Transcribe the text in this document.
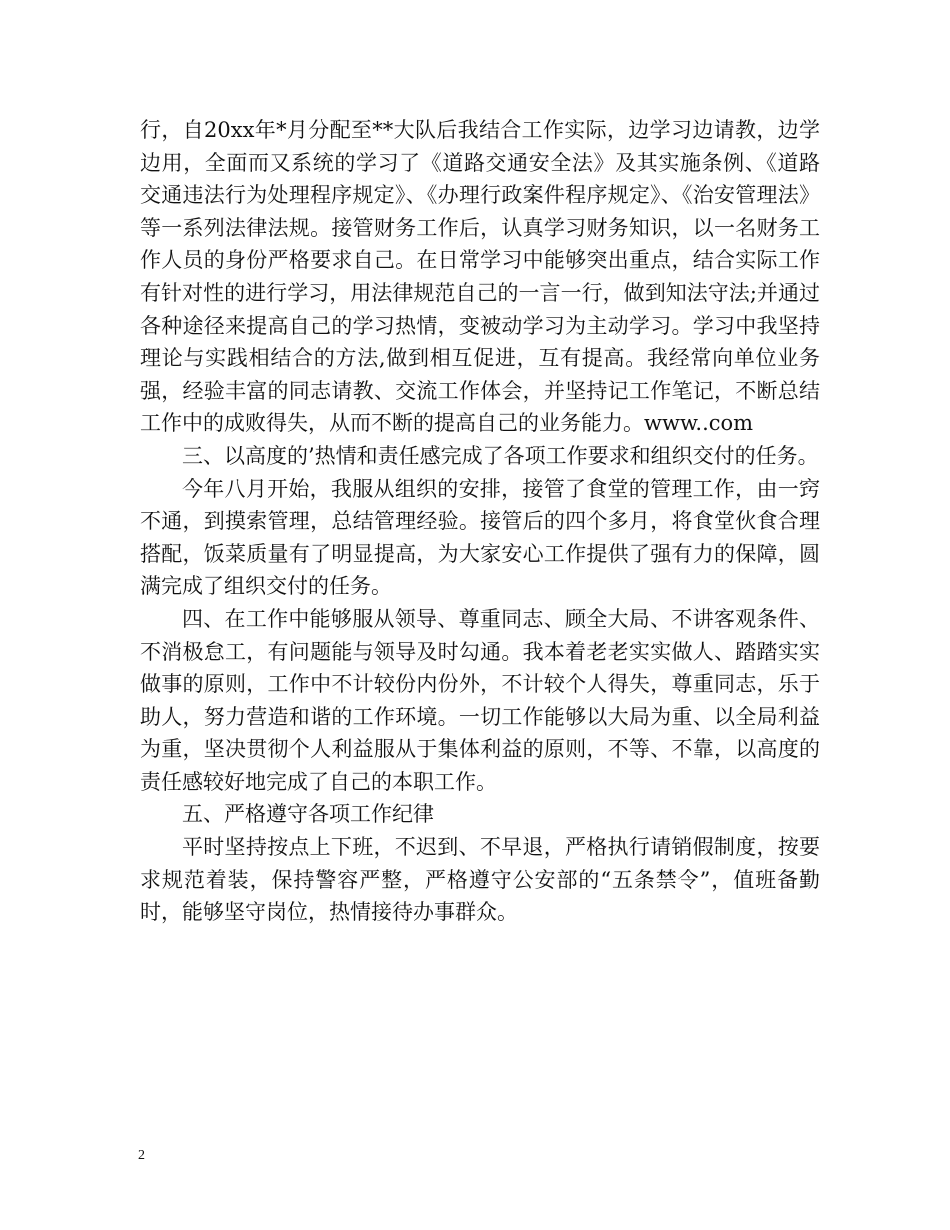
行，自20xx年*月分配至**大队后我结合工作实际，边学习边请教，边学边用，全面而又系统的学习了《道路交通安全法》及其实施条例、《道路交通违法行为处理程序规定》、《办理行政案件程序规定》、《治安管理法》等一系列法律法规。接管财务工作后，认真学习财务知识，以一名财务工作人员的身份严格要求自己。在日常学习中能够突出重点，结合实际工作有针对性的进行学习，用法律规范自己的一言一行，做到知法守法;并通过各种途径来提高自己的学习热情，变被动学习为主动学习。学习中我坚持理论与实践相结合的方法,做到相互促进，互有提高。我经常向单位业务强，经验丰富的同志请教、交流工作体会，并坚持记工作笔记，不断总结工作中的成败得失，从而不断的提高自己的业务能力。www..com

三、以高度的’热情和责任感完成了各项工作要求和组织交付的任务。

今年八月开始，我服从组织的安排，接管了食堂的管理工作，由一窍不通，到摸索管理，总结管理经验。接管后的四个多月，将食堂伙食合理搭配，饭菜质量有了明显提高，为大家安心工作提供了强有力的保障，圆满完成了组织交付的任务。

四、在工作中能够服从领导、尊重同志、顾全大局、不讲客观条件、不消极怠工，有问题能与领导及时勾通。我本着老老实实做人、踏踏实实做事的原则，工作中不计较份内份外，不计较个人得失，尊重同志，乐于助人，努力营造和谐的工作环境。一切工作能够以大局为重、以全局利益为重，坚决贯彻个人利益服从于集体利益的原则，不等、不靠，以高度的责任感较好地完成了自己的本职工作。

五、严格遵守各项工作纪律

平时坚持按点上下班，不迟到、不早退，严格执行请销假制度，按要求规范着装，保持警容严整，严格遵守公安部的“五条禁令”，值班备勤时，能够坚守岗位，热情接待办事群众。

2
